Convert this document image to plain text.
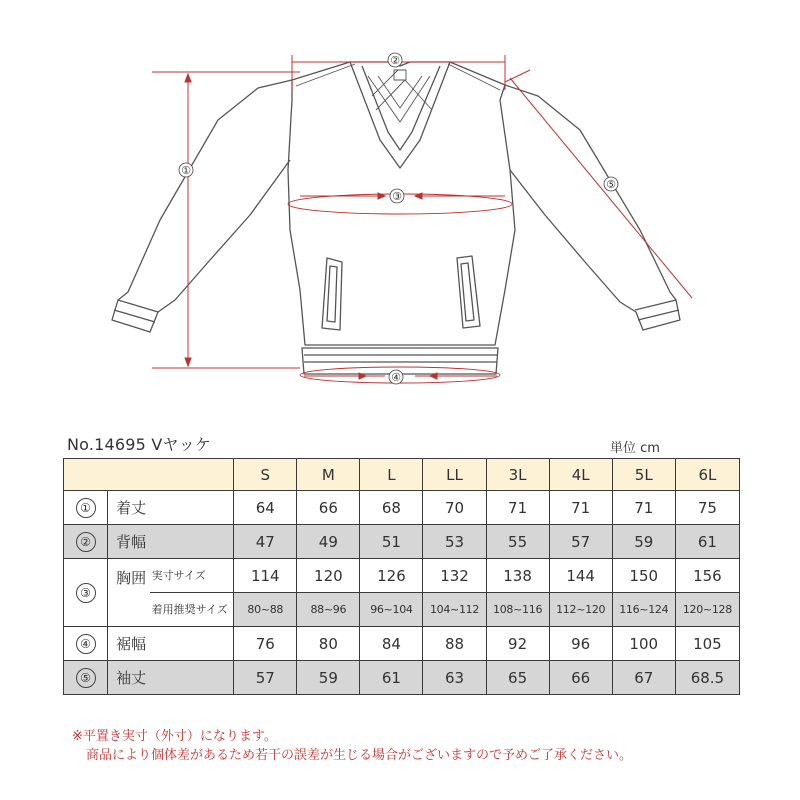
②
①
③
④
⑤
No.14695 Vヤッケ	単位 cm
			S	M	L	LL	3L	4L	5L	6L
①	着丈		64	66	68	70	71	71	71	75
②	背幅		47	49	51	53	55	57	59	61
③	胸囲	実寸サイズ	114	120	126	132	138	144	150	156
		着用推奨サイズ	80~88	88~96	96~104	104~112	108~116	112~120	116~124	120~128
④	裾幅		76	80	84	88	92	96	100	105
⑤	袖丈		57	59	61	63	65	66	67	68.5
※平置き実寸（外寸）になります。
商品により個体差があるため若干の誤差が生じる場合がございますので予めご了承ください。
